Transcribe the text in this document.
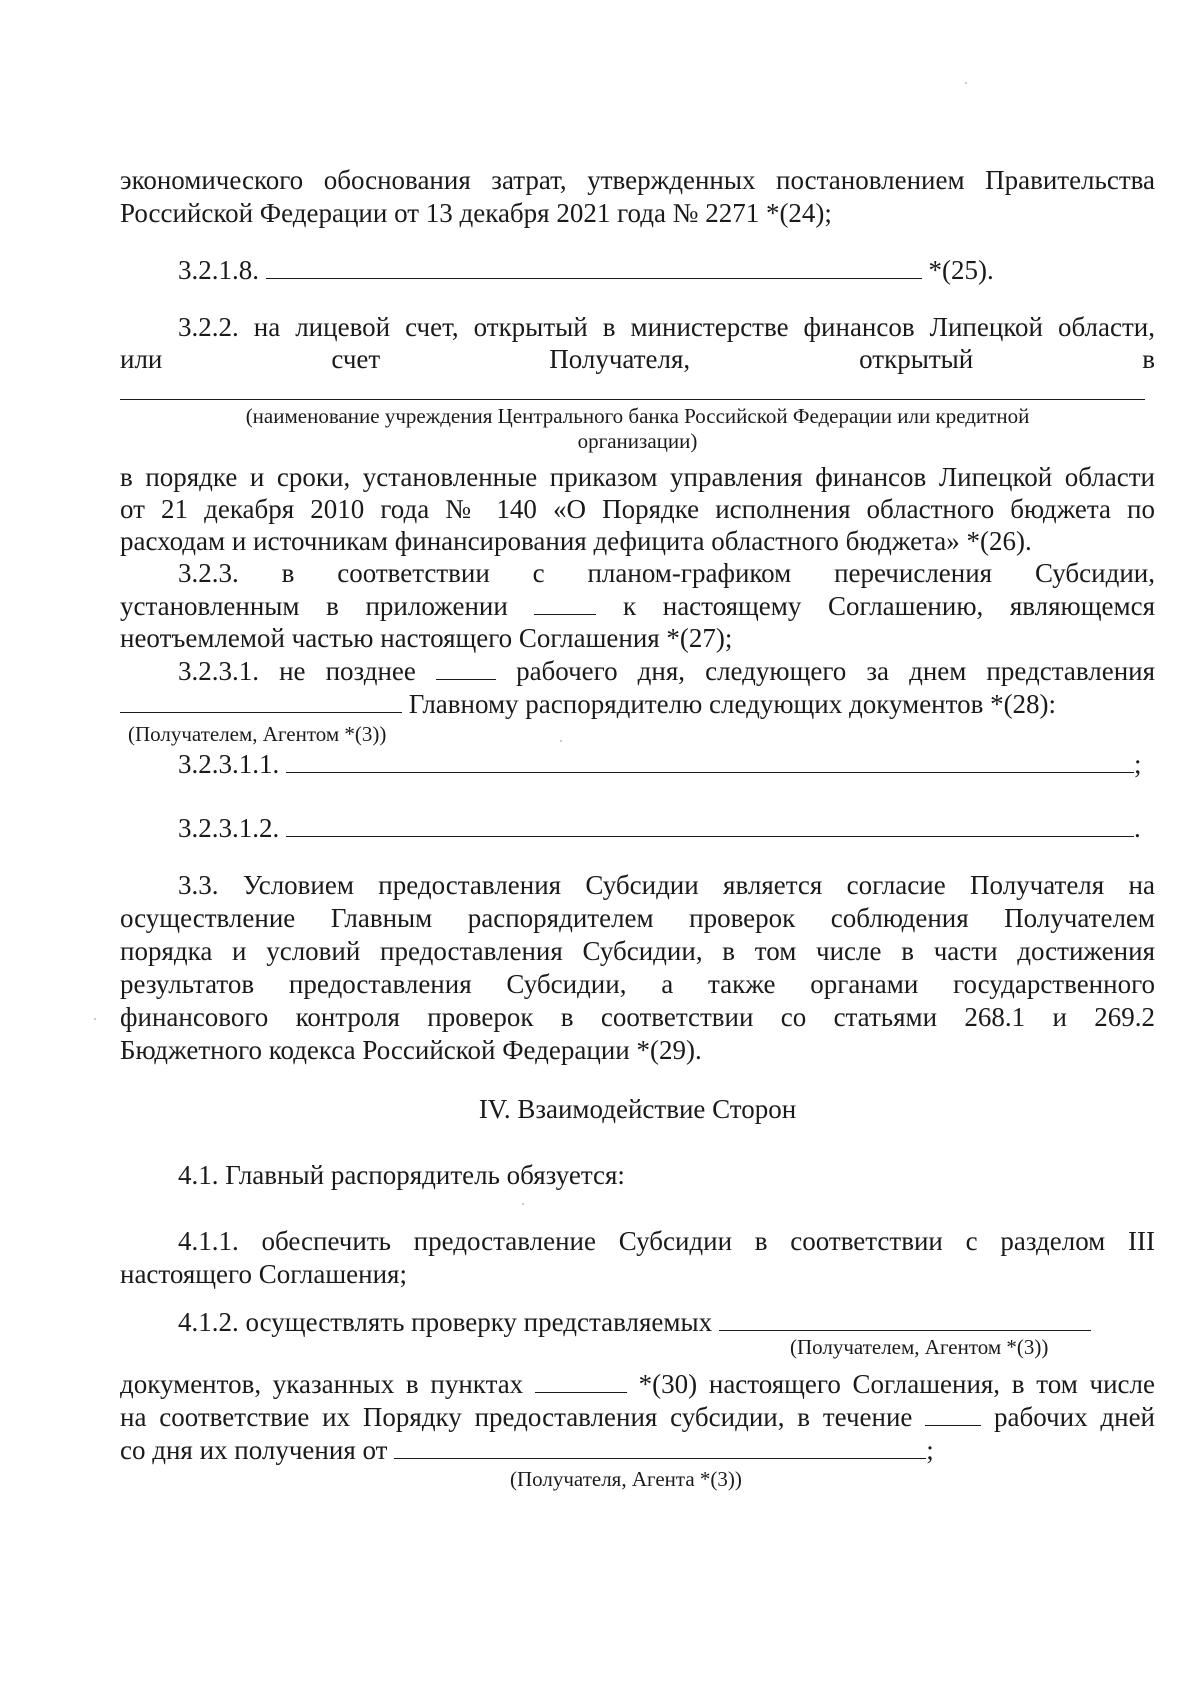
экономического обоснования затрат, утвержденных постановлением Правительства
Российской Федерации от 13 декабря 2021 года № 2271 *(24);
3.2.1.8.	*(25).
3.2.2. на лицевой счет, открытый в министерстве финансов Липецкой области,
или	счет	Получателя,	открытый	в
(наименование учреждения Центрального банка Российской Федерации или кредитной
организации)
в порядке и сроки, установленные приказом управления финансов Липецкой области
от 21 декабря 2010 года № 140 «О Порядке исполнения областного бюджета по
расходам и источникам финансирования дефицита областного бюджета» *(26).
3.2.3. в соответствии с планом-графиком перечисления Субсидии,
установленным в приложении	к настоящему Соглашению, являющемся
неотъемлемой частью настоящего Соглашения *(27);
3.2.3.1. не позднее	рабочего дня, следующего за днем представления
Главному распорядителю следующих документов *(28):
(Получателем, Агентом *(3))
3.2.3.1.1.	;
3.2.3.1.2.	.
3.3. Условием предоставления Субсидии является согласие Получателя на
осуществление Главным распорядителем проверок соблюдения Получателем
порядка и условий предоставления Субсидии, в том числе в части достижения
результатов предоставления Субсидии, а также органами государственного
финансового контроля проверок в соответствии со статьями 268.1 и 269.2
Бюджетного кодекса Российской Федерации *(29).
IV. Взаимодействие Сторон
4.1. Главный распорядитель обязуется:
4.1.1. обеспечить предоставление Субсидии в соответствии с разделом III
настоящего Соглашения;
4.1.2. осуществлять проверку представляемых
(Получателем, Агентом *(3))
документов, указанных в пунктах	*(30) настоящего Соглашения, в том числе
на соответствие их Порядку предоставления субсидии, в течение	рабочих дней
со дня их получения от	;
(Получателя, Агента *(3))
